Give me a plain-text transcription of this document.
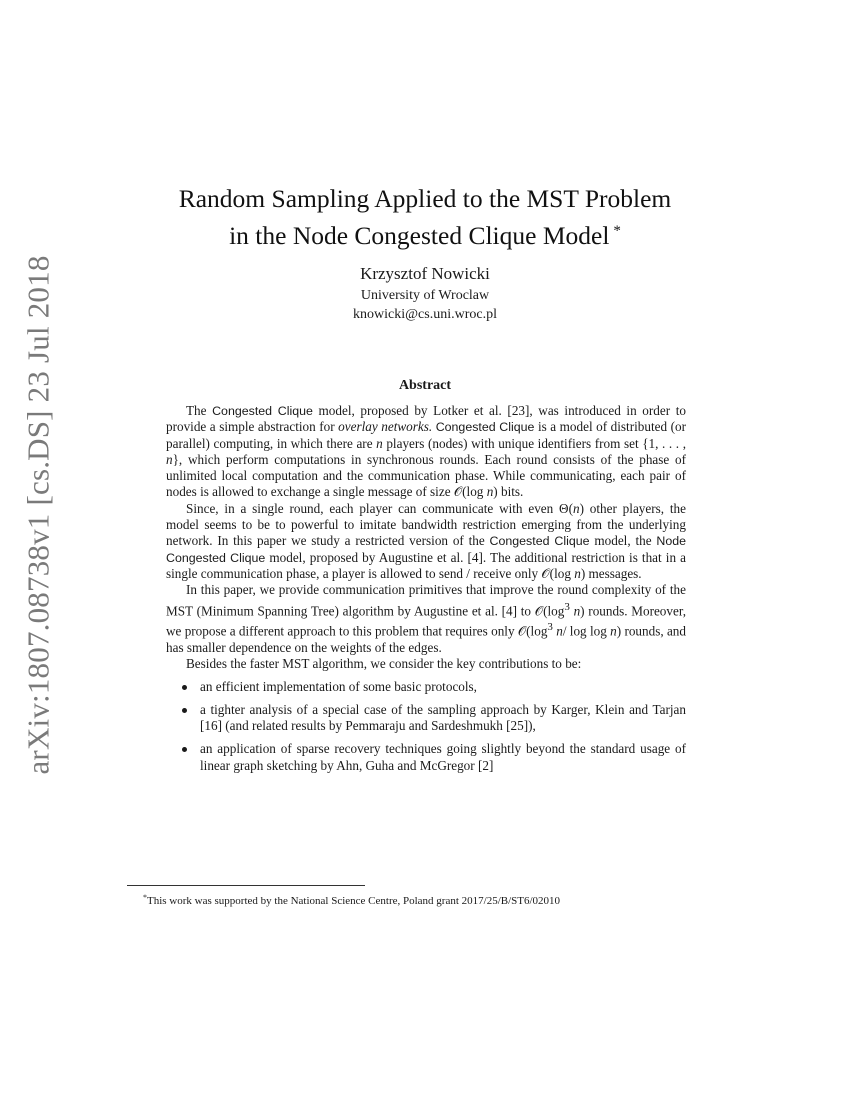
arXiv:1807.08738v1 [cs.DS] 23 Jul 2018
Random Sampling Applied to the MST Problem
in the Node Congested Clique Model *
Krzysztof Nowicki
University of Wroclaw
knowicki@cs.uni.wroc.pl
Abstract

The Congested Clique model, proposed by Lotker et al. [23], was introduced in order to provide a simple abstraction for overlay networks. Congested Clique is a model of distributed (or parallel) computing, in which there are n players (nodes) with unique identifiers from set {1, . . . , n}, which perform computations in synchronous rounds. Each round consists of the phase of unlimited local computation and the communication phase. While communicating, each pair of nodes is allowed to exchange a single message of size 𝒪(log n) bits.

Since, in a single round, each player can communicate with even Θ(n) other players, the model seems to be to powerful to imitate bandwidth restriction emerging from the underlying network. In this paper we study a restricted version of the Congested Clique model, the Node Congested Clique model, proposed by Augustine et al. [4]. The additional restriction is that in a single communication phase, a player is allowed to send / receive only 𝒪(log n) messages.

In this paper, we provide communication primitives that improve the round complexity of the MST (Minimum Spanning Tree) algorithm by Augustine et al. [4] to $𝒪(\log^3$ n) rounds. Moreover, we propose a different approach to this problem that requires only $𝒪(\log^3$ n/ log log n) rounds, and has smaller dependence on the weights of the edges.

Besides the faster MST algorithm, we consider the key contributions to be:

an efficient implementation of some basic protocols,
a tighter analysis of a special case of the sampling approach by Karger, Klein and Tarjan [16] (and related results by Pemmaraju and Sardeshmukh [25]),
an application of sparse recovery techniques going slightly beyond the standard usage of linear graph sketching by Ahn, Guha and McGregor [2]
*This work was supported by the National Science Centre, Poland grant 2017/25/B/ST6/02010
